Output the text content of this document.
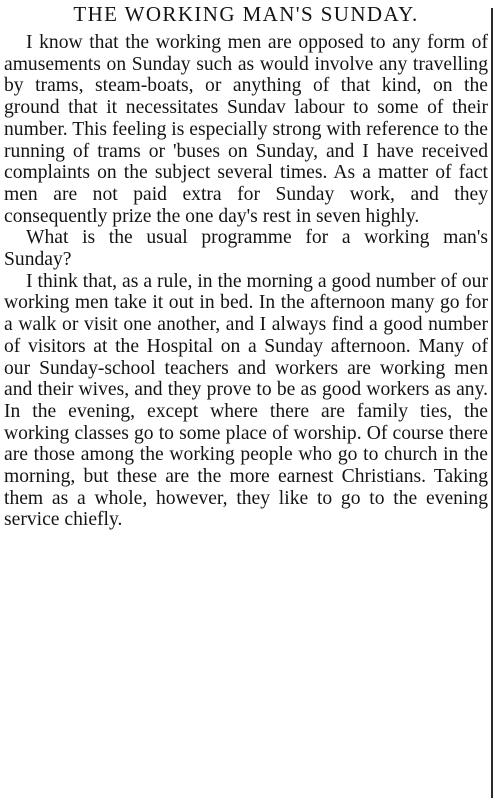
THE WORKING MAN'S SUNDAY.

I know that the working men are opposed to any form of amusements on Sunday such as would involve any travelling by trams, steam-boats, or anything of that kind, on the ground that it necessitates Sundav labour to some of their number. This feeling is especially strong with reference to the running of trams or 'buses on Sunday, and I have received complaints on the subject several times. As a matter of fact men are not paid extra for Sunday work, and they consequently prize the one day's rest in seven highly.

What is the usual programme for a working man's Sunday?

I think that, as a rule, in the morning a good number of our working men take it out in bed. In the afternoon many go for a walk or visit one another, and I always find a good number of visitors at the Hospital on a Sunday afternoon. Many of our Sunday-school teachers and workers are working men and their wives, and they prove to be as good workers as any. In the evening, except where there are family ties, the working classes go to some place of worship. Of course there are those among the working people who go to church in the morning, but these are the more earnest Christians. Taking them as a whole, however, they like to go to the evening service chiefly.
